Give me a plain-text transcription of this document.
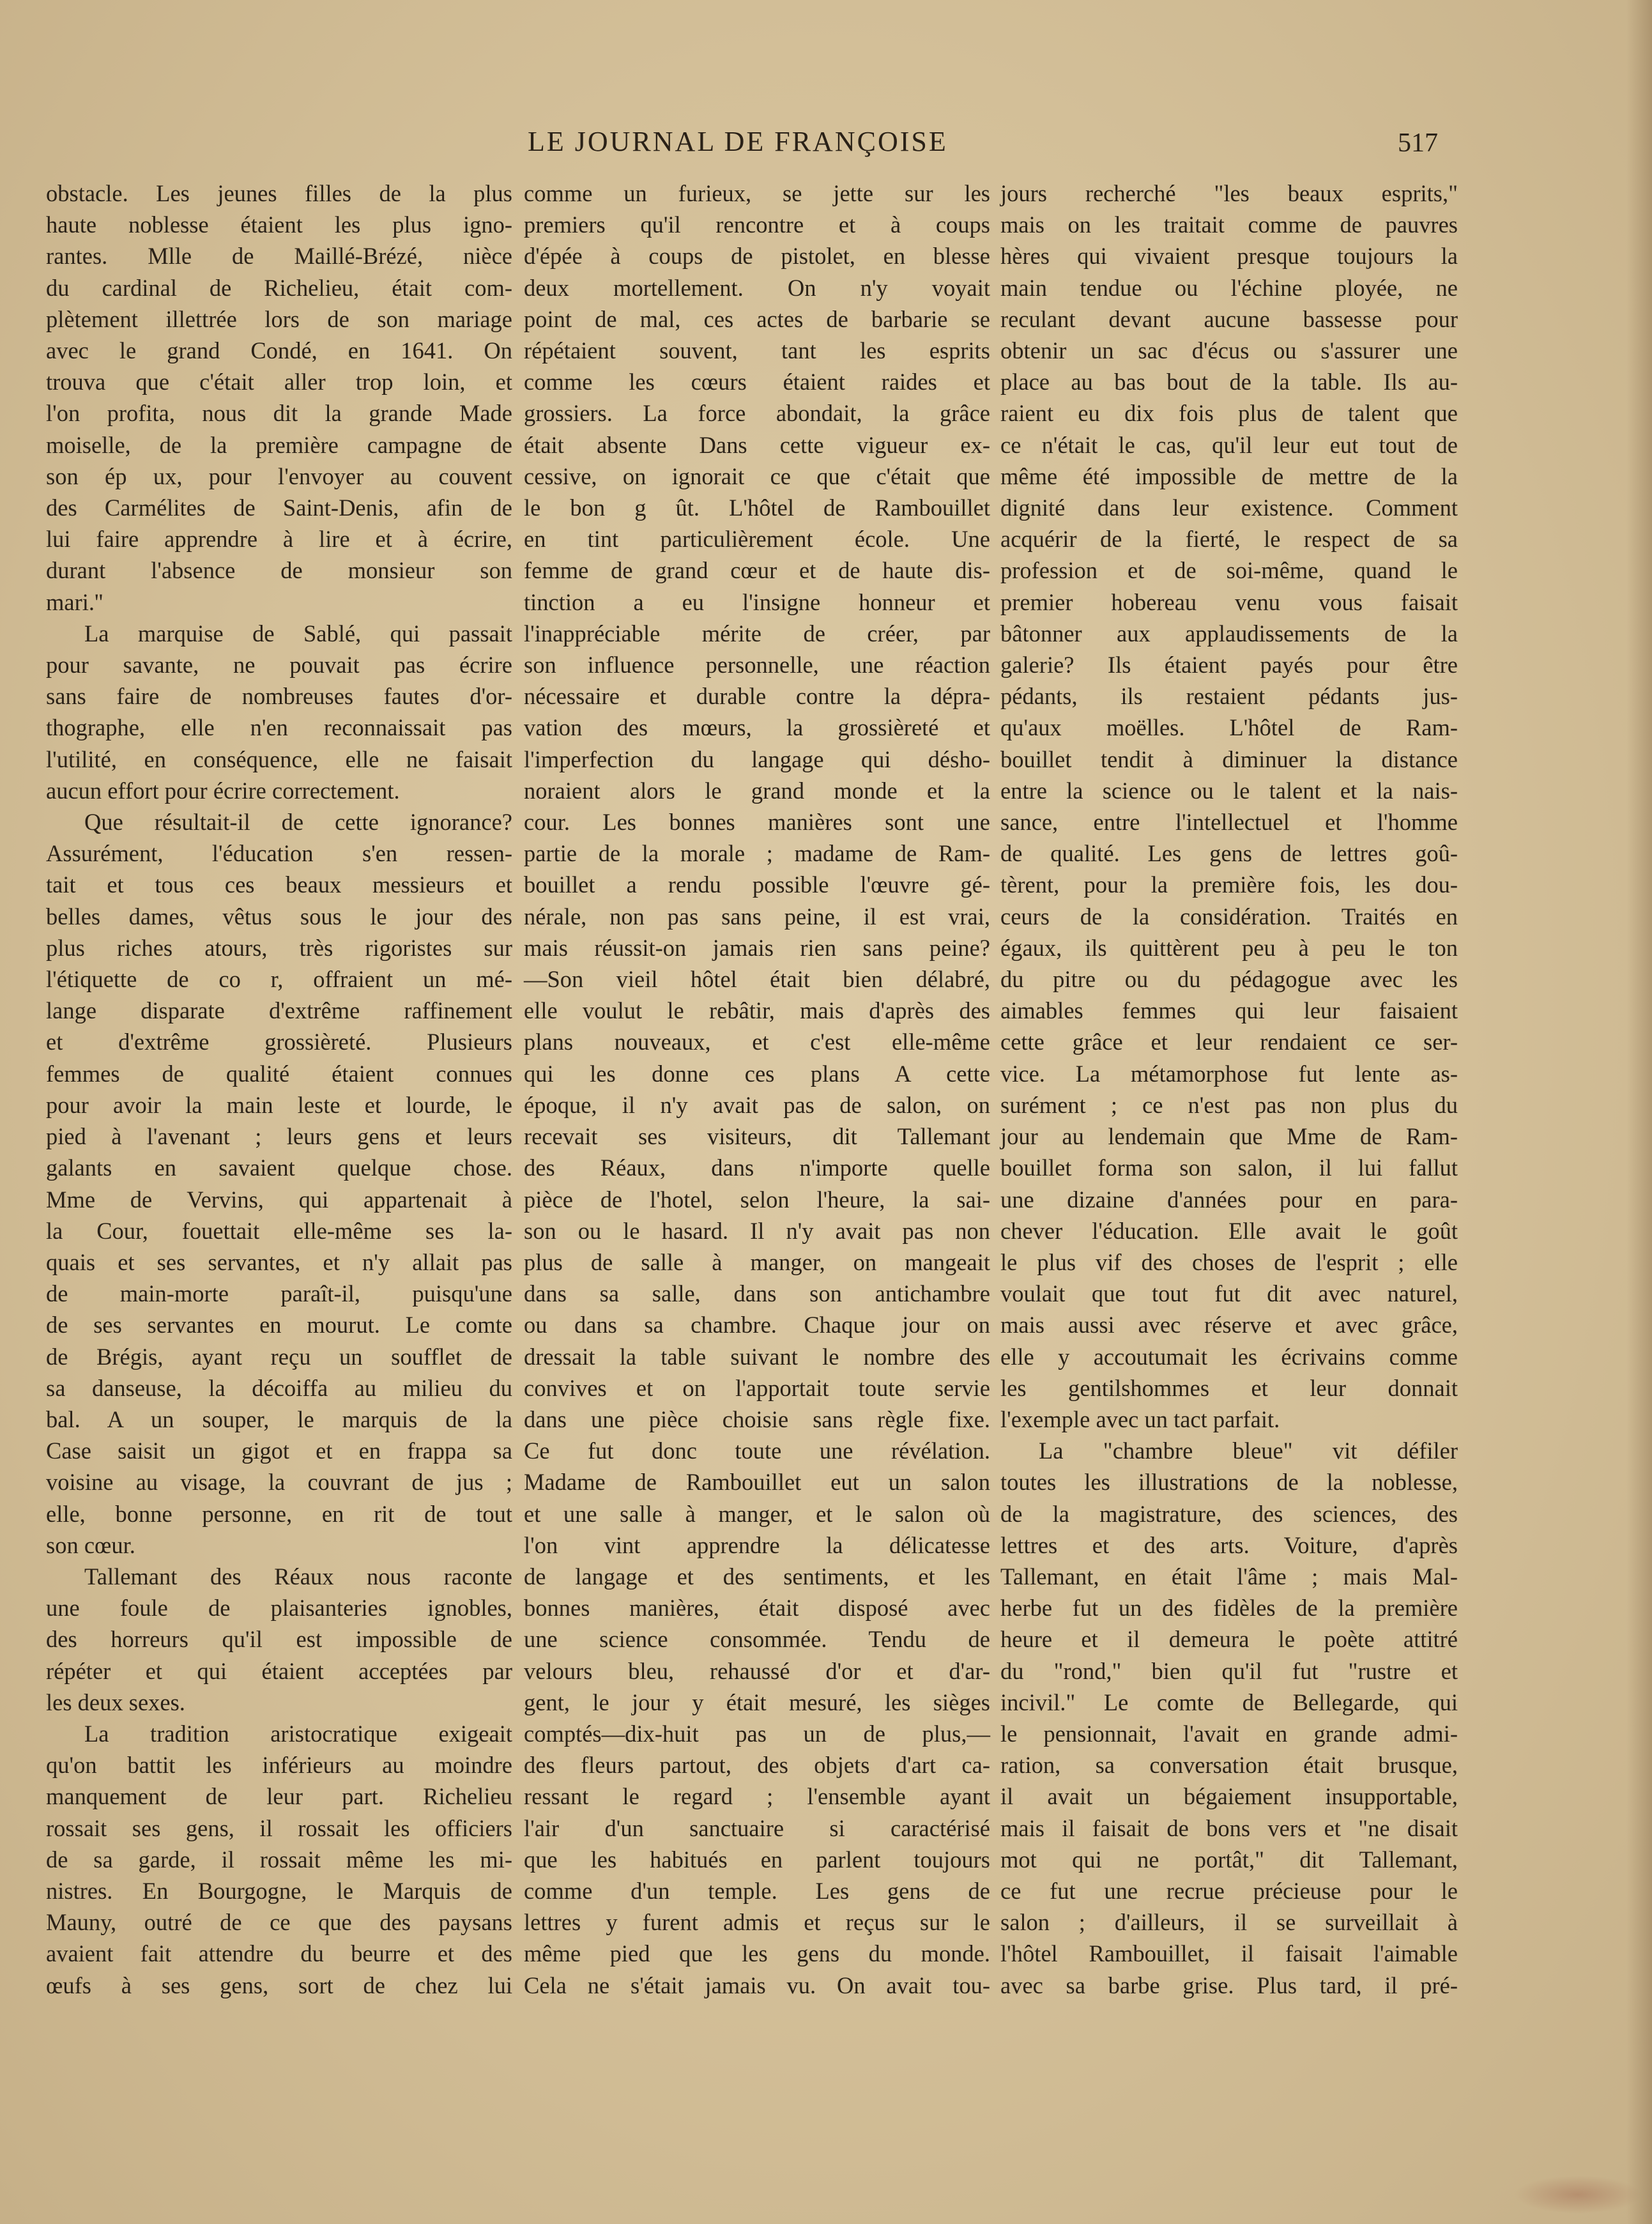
LE JOURNAL DE FRANÇOISE	517
obstacle. Les jeunes filles de la plus
haute noblesse étaient les plus igno-
rantes. Mlle de Maillé-Brézé, nièce
du cardinal de Richelieu, était com-
plètement illettrée lors de son mariage
avec le grand Condé, en 1641. On
trouva que c'était aller trop loin, et
l'on profita, nous dit la grande Made
moiselle, de la première campagne de
son ép ux, pour l'envoyer au couvent
des Carmélites de Saint-Denis, afin de
lui faire apprendre à lire et à écrire,
durant l'absence de monsieur son
mari.''
La marquise de Sablé, qui passait
pour savante, ne pouvait pas écrire
sans faire de nombreuses fautes d'or-
thographe, elle n'en reconnaissait pas
l'utilité, en conséquence, elle ne faisait
aucun effort pour écrire correctement.
Que résultait-il de cette ignorance?
Assurément, l'éducation s'en ressen-
tait et tous ces beaux messieurs et
belles dames, vêtus sous le jour des
plus riches atours, très rigoristes sur
l'étiquette de co r, offraient un mé-
lange disparate d'extrême raffinement
et d'extrême grossièreté. Plusieurs
femmes de qualité étaient connues
pour avoir la main leste et lourde, le
pied à l'avenant ; leurs gens et leurs
galants en savaient quelque chose.
Mme de Vervins, qui appartenait à
la Cour, fouettait elle-même ses la-
quais et ses servantes, et n'y allait pas
de main-morte paraît-il, puisqu'une
de ses servantes en mourut. Le comte
de Brégis, ayant reçu un soufflet de
sa danseuse, la décoiffa au milieu du
bal. A un souper, le marquis de la
Case saisit un gigot et en frappa sa
voisine au visage, la couvrant de jus ;
elle, bonne personne, en rit de tout
son cœur.
Tallemant des Réaux nous raconte
une foule de plaisanteries ignobles,
des horreurs qu'il est impossible de
répéter et qui étaient acceptées par
les deux sexes.
La tradition aristocratique exigeait
qu'on battit les inférieurs au moindre
manquement de leur part. Richelieu
rossait ses gens, il rossait les officiers
de sa garde, il rossait même les mi-
nistres. En Bourgogne, le Marquis de
Mauny, outré de ce que des paysans
avaient fait attendre du beurre et des
œufs à ses gens, sort de chez lui
comme un furieux, se jette sur les
premiers qu'il rencontre et à coups
d'épée à coups de pistolet, en blesse
deux mortellement. On n'y voyait
point de mal, ces actes de barbarie se
répétaient souvent, tant les esprits
comme les cœurs étaient raides et
grossiers. La force abondait, la grâce
était absente Dans cette vigueur ex-
cessive, on ignorait ce que c'était que
le bon g ût. L'hôtel de Rambouillet
en tint particulièrement école. Une
femme de grand cœur et de haute dis-
tinction a eu l'insigne honneur et
l'inappréciable mérite de créer, par
son influence personnelle, une réaction
nécessaire et durable contre la dépra-
vation des mœurs, la grossièreté et
l'imperfection du langage qui désho-
noraient alors le grand monde et la
cour. Les bonnes manières sont une
partie de la morale ; madame de Ram-
bouillet a rendu possible l'œuvre gé-
nérale, non pas sans peine, il est vrai,
mais réussit-on jamais rien sans peine?
—Son vieil hôtel était bien délabré,
elle voulut le rebâtir, mais d'après des
plans nouveaux, et c'est elle-même
qui les donne ces plans A cette
époque, il n'y avait pas de salon, on
recevait ses visiteurs, dit Tallemant
des Réaux, dans n'importe quelle
pièce de l'hotel, selon l'heure, la sai-
son ou le hasard. Il n'y avait pas non
plus de salle à manger, on mangeait
dans sa salle, dans son antichambre
ou dans sa chambre. Chaque jour on
dressait la table suivant le nombre des
convives et on l'apportait toute servie
dans une pièce choisie sans règle fixe.
Ce fut donc toute une révélation.
Madame de Rambouillet eut un salon
et une salle à manger, et le salon où
l'on vint apprendre la délicatesse
de langage et des sentiments, et les
bonnes manières, était disposé avec
une science consommée. Tendu de
velours bleu, rehaussé d'or et d'ar-
gent, le jour y était mesuré, les sièges
comptés—dix-huit pas un de plus,—
des fleurs partout, des objets d'art ca-
ressant le regard ; l'ensemble ayant
l'air d'un sanctuaire si caractérisé
que les habitués en parlent toujours
comme d'un temple. Les gens de
lettres y furent admis et reçus sur le
même pied que les gens du monde.
Cela ne s'était jamais vu. On avait tou-
jours recherché "les beaux esprits,"
mais on les traitait comme de pauvres
hères qui vivaient presque toujours la
main tendue ou l'échine ployée, ne
reculant devant aucune bassesse pour
obtenir un sac d'écus ou s'assurer une
place au bas bout de la table. Ils au-
raient eu dix fois plus de talent que
ce n'était le cas, qu'il leur eut tout de
même été impossible de mettre de la
dignité dans leur existence. Comment
acquérir de la fierté, le respect de sa
profession et de soi-même, quand le
premier hobereau venu vous faisait
bâtonner aux applaudissements de la
galerie? Ils étaient payés pour être
pédants, ils restaient pédants jus-
qu'aux moëlles. L'hôtel de Ram-
bouillet tendit à diminuer la distance
entre la science ou le talent et la nais-
sance, entre l'intellectuel et l'homme
de qualité. Les gens de lettres goû-
tèrent, pour la première fois, les dou-
ceurs de la considération. Traités en
égaux, ils quittèrent peu à peu le ton
du pitre ou du pédagogue avec les
aimables femmes qui leur faisaient
cette grâce et leur rendaient ce ser-
vice. La métamorphose fut lente as-
surément ; ce n'est pas non plus du
jour au lendemain que Mme de Ram-
bouillet forma son salon, il lui fallut
une dizaine d'années pour en para-
chever l'éducation. Elle avait le goût
le plus vif des choses de l'esprit ; elle
voulait que tout fut dit avec naturel,
mais aussi avec réserve et avec grâce,
elle y accoutumait les écrivains comme
les gentilshommes et leur donnait
l'exemple avec un tact parfait.
La "chambre bleue" vit défiler
toutes les illustrations de la noblesse,
de la magistrature, des sciences, des
lettres et des arts. Voiture, d'après
Tallemant, en était l'âme ; mais Mal-
herbe fut un des fidèles de la première
heure et il demeura le poète attitré
du "rond," bien qu'il fut "rustre et
incivil." Le comte de Bellegarde, qui
le pensionnait, l'avait en grande admi-
ration, sa conversation était brusque,
il avait un bégaiement insupportable,
mais il faisait de bons vers et "ne disait
mot qui ne portât," dit Tallemant,
ce fut une recrue précieuse pour le
salon ; d'ailleurs, il se surveillait à
l'hôtel Rambouillet, il faisait l'aimable
avec sa barbe grise. Plus tard, il pré-
